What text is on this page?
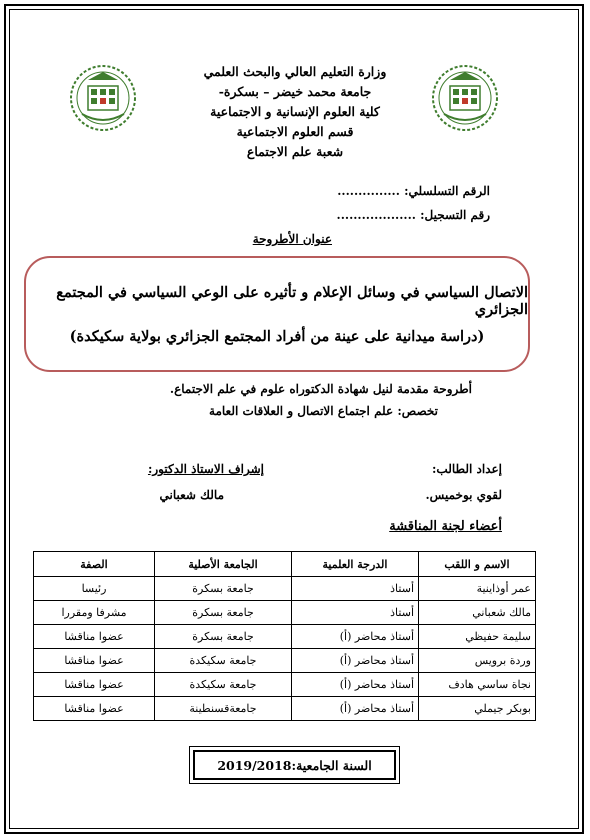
وزارة التعليم العالي والبحث العلمي
جامعة محمد خيضر – بسكرة-
كلية العلوم الإنسانية و الاجتماعية
قسم العلوم الاجتماعية
شعبة علم الاجتماع
الرقم التسلسلي: ...............
رقم التسجيل: ...................
عنوان الأطروحة
الاتصال السياسي في وسائل الإعلام و تأثيره على الوعي السياسي في المجتمع الجزائري
(دراسة ميدانية على عينة من أفراد المجتمع الجزائري بولاية سكيكدة)
أطروحة مقدمة لنيل شهادة الدكتوراه علوم في علم الاجتماع.
تخصص: علم اجتماع الاتصال و العلاقات العامة
إعداد الطالب:
لقوي بوخميس.
إشراف الاستاذ الدكتور:
مالك شعباني
أعضاء لجنة المناقشة
الاسم و اللقب	الدرجة العلمية	الجامعة الأصلية	الصفة
عمر أوذاينية	أستاذ	جامعة بسكرة	رئيسا
مالك شعباني	أستاذ	جامعة بسكرة	مشرفا ومقررا
سليمة حفيظي	أستاذ محاضر (أ)	جامعة بسكرة	عضوا مناقشا
وردة برويس	أستاذ محاضر (أ)	جامعة سكيكدة	عضوا مناقشا
نجاة ساسي هادف	أستاذ محاضر (أ)	جامعة سكيكدة	عضوا مناقشا
بوبكر جيملي	أستاذ محاضر (أ)	جامعةقسنطينة	عضوا مناقشا
السنة الجامعية:2019/2018
